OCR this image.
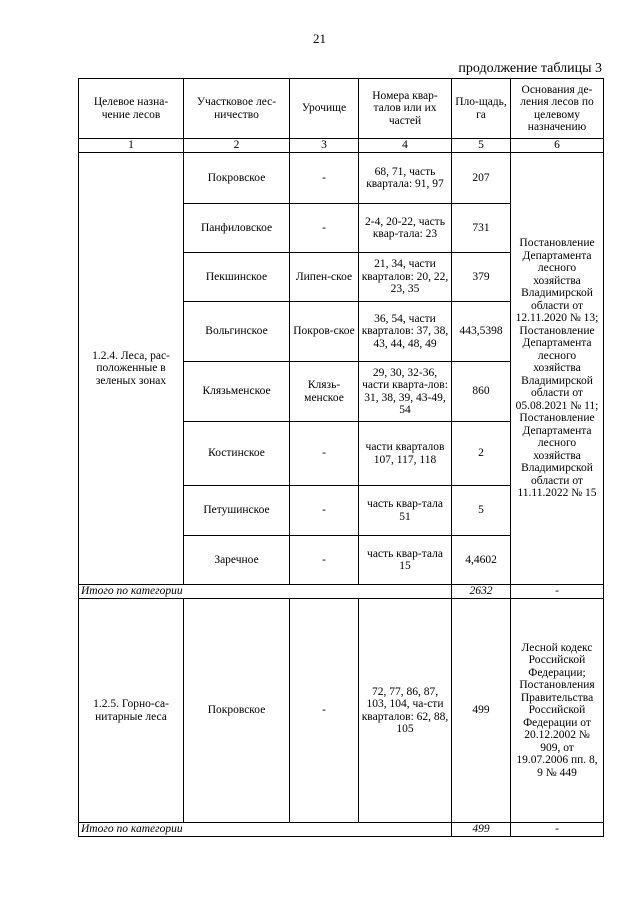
21
продолжение таблицы 3
Целевое назна-чение лесов	Участковое лес-ничество	Урочище	Номера квар-талов или их частей	Пло-щадь, га	Основания де-ления лесов по целевому назначению
1	2	3	4	5	6
1.2.4. Леса, рас-положенные в зеленых зонах	Покровское	-	68, 71, часть квартала: 91, 97	207	Постановление Департамента лесного хозяйства Владимирской области от 12.11.2020 № 13; Постановление Департамента лесного хозяйства Владимирской области от 05.08.2021 № 11; Постановление Департамента лесного хозяйства Владимирской области от 11.11.2022 № 15
	Панфиловское	-	2-4, 20-22, часть квар-тала: 23	731	
	Пекшинское	Липен-ское	21, 34, части кварталов: 20, 22, 23, 35	379	
	Вольгинское	Покров-ское	36, 54, части кварталов: 37, 38, 43, 44, 48, 49	443,5398	
	Клязьменское	Клязь-менское	29, 30, 32-36, части кварта-лов: 31, 38, 39, 43-49, 54	860	
	Костинское	-	части кварталов 107, 117, 118	2	
	Петушинское	-	часть квар-тала 51	5	
	Заречное	-	часть квар-тала 15	4,4602	
Итого по категории				2632	-
1.2.5. Горно-са-нитарные леса	Покровское	-	72, 77, 86, 87, 103, 104, ча-сти кварталов: 62, 88, 105	499	Лесной кодекс Российской Федерации; Постановления Правительства Российской Федерации от 20.12.2002 № 909, от 19.07.2006 пп. 8, 9 № 449
Итого по категории				499	-
